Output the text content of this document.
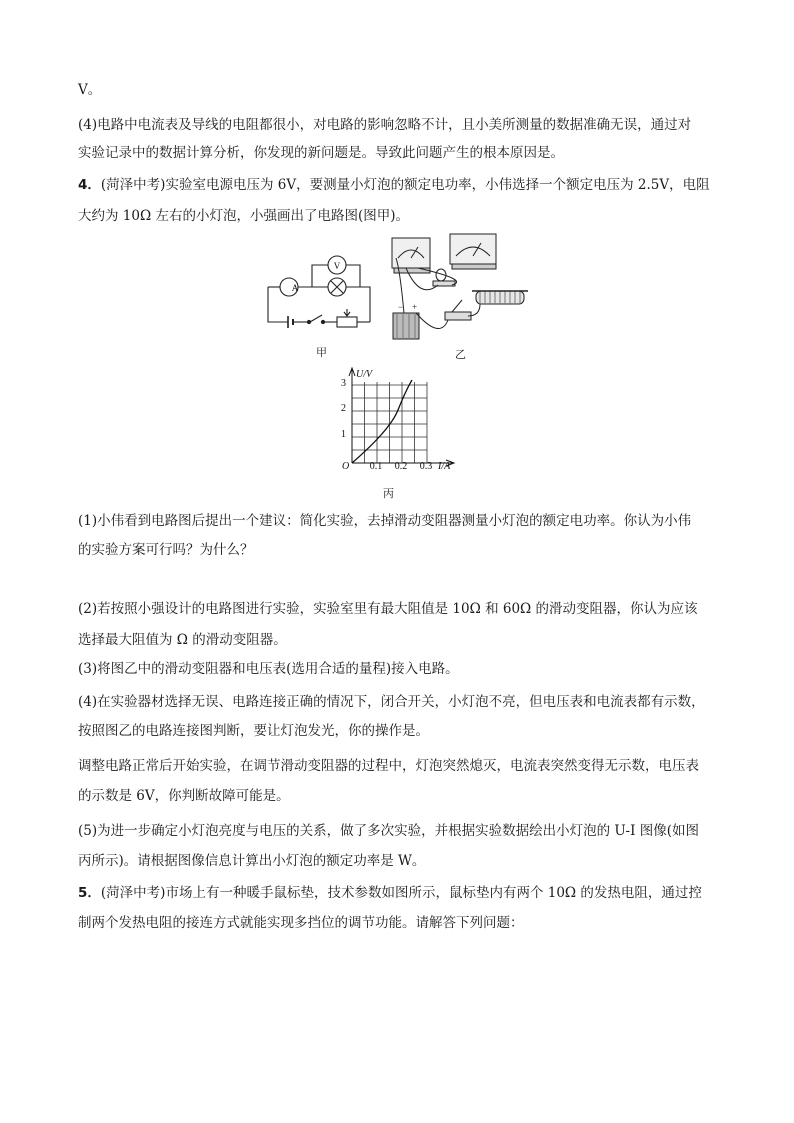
V。
(4)电路中电流表及导线的电阻都很小，对电路的影响忽略不计，且小美所测量的数据准确无误，通过对
实验记录中的数据计算分析，你发现的新问题是。导致此问题产生的根本原因是。
4．(菏泽中考)实验室电源电压为 6V，要测量小灯泡的额定电功率，小伟选择一个额定电压为 2.5V，电阻
大约为 10Ω 左右的小灯泡，小强画出了电路图(图甲)。
(1)小伟看到电路图后提出一个建议：简化实验，去掉滑动变阻器测量小灯泡的额定电功率。你认为小伟
的实验方案可行吗？为什么？
(2)若按照小强设计的电路图进行实验，实验室里有最大阻值是 10Ω 和 60Ω 的滑动变阻器，你认为应该
选择最大阻值为 Ω 的滑动变阻器。
(3)将图乙中的滑动变阻器和电压表(选用合适的量程)接入电路。
(4)在实验器材选择无误、电路连接正确的情况下，闭合开关，小灯泡不亮，但电压表和电流表都有示数，
按照图乙的电路连接图判断，要让灯泡发光，你的操作是。
调整电路正常后开始实验，在调节滑动变阻器的过程中，灯泡突然熄灭，电流表突然变得无示数，电压表
的示数是 6V，你判断故障可能是。
(5)为进一步确定小灯泡亮度与电压的关系，做了多次实验，并根据实验数据绘出小灯泡的 U-I 图像(如图
丙所示)。请根据图像信息计算出小灯泡的额定功率是 W。
5．(菏泽中考)市场上有一种暖手鼠标垫，技术参数如图所示，鼠标垫内有两个 10Ω 的发热电阻，通过控
制两个发热电阻的接连方式就能实现多挡位的调节功能。请解答下列问题：
A
V
− +
U/V
I/A
O 0.1 0.2 0.3
1
2
3
甲	乙
丙
